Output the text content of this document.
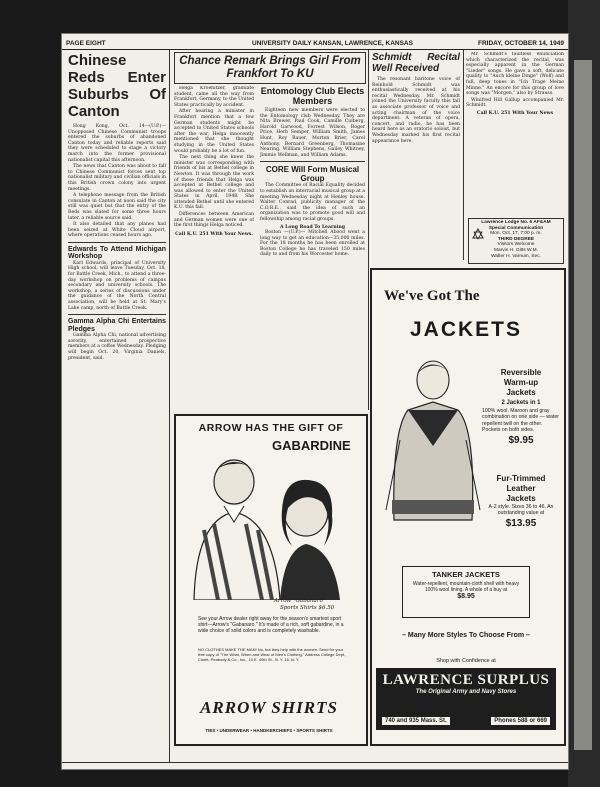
PAGE EIGHT	UNIVERSITY DAILY KANSAN, LAWRENCE, KANSAS	FRIDAY, OCTOBER 14, 1949
Chinese Reds Enter Suburbs Of Canton

Hong Kong, Oct. 14—(U.P.)—Unopposed Chinese Communist troops entered the suburbs of abandoned Canton today and reliable reports said they were scheduled to stage a victory march into the former provisional nationalist capital this afternoon.

The news that Canton was about to fall to Chinese Communist forces sent top nationalist military and civilian officials in this British crown colony into urgent meetings.

A telephone message from the British consulate in Canton at noon said the city still was quiet but that the entry of the Reds was slated for some three hours later, a reliable source said.

It also detailed that any planes had been seized at White Cloud airport, where operations ceased hours ago.

Edwards To Attend Michigan Workshop

Karl Edwards, principal of University High school, will leave Tuesday, Oct. 18, for Battle Creek, Mich., to attend a three-day workshop on problems of campus secondary and university schools. The workshop, a series of discussions under the guidance of the North Central association, will be held at St. Mary's Lake camp, north of Battle Creek.

Gamma Alpha Chi Entertains Pledges

Gamma Alpha Chi, national advertising sorority, entertained prospective members at a coffee Wednesday. Pledging will begin Oct. 20, Virginia Daniels, president, said.

Chance Remark Brings Girl From Frankfort To KU

Helga Kroenitzer, graduate student, came all the way from Frankfort, Germany, to the United States practically by accident.

After hearing a minister in Frankfort mention that a few German students might be accepted to United States schools after the war, Helga innocently mentioned that she thought studying in the United States would probably be a lot of fun.

The next thing she knew the minister was corresponding with friends of his at Bethel college in Newton. It was through the work of these friends that Helga was accepted at Bethel college and was allowed to enter the United States in April, 1948. She attended Bethel until she entered K.U. this fall.

Differences between American and German women were one of the first things Helga noticed.

Call K.U. 251 With Your News.
Entomology Club Elects Members

Eighteen new members were elected to the Entomology club Wednesday. They are Nita Brewer, Paul Cook, Camille Culberg, Harold Garwood, Forrest Wilson, Roger Price, Herb Semper, William Smith, James Hunt, Roy Bauer, Morton Brier, Carol Anthony, Bernard Greenberg, Thomasine Nearing, William Stephens, Gailey Whitney, Jimmie Wellman, and William Adams.

CORE Will Form Musical Group

The Committee of Racial Equality decided to establish an interracial musical group at a meeting Wednesday night at Henley house. Walter Conrad, publicity manager of the C.O.R.E., said the idea of such an organization was to promote good will and fellowship among racial groups.

A Long Road To Learning

Boston —(U.P.)— Mitchell Abood went a long way to get an education—35,000 miles. For the 18 months he has been enrolled at Boston College he has traveled 150 miles daily to and from his Worcester home.

Schmidt Recital Well Received

The resonant baritone voice of Reinhold Schmidt was enthusiastically received at his recital Wednesday. Mr. Schmidt joined the University faculty this fall as associate professor of voice and acting chairman of the voice department. A veteran of opera, concert, and radio, he has been heard here as an oratorio soloist, but Wednesday marked his first recital appearance here.

Mr. Schmidt's faultless enunciation which characterized the recital, was especially apparent in the German "Lieder" songs. He gave a soft, delicate quality to "Auch kleine Dinge" (Wolf) and full, deep tones in "Ich Trage Meine Minne." An encore for this group of love songs was "Morgen," also by Strauss.

Winifred Hill Gallup accompanied Mr. Schmidt.

Call K.U. 251 With Your News
Lawrence Lodge No. 6 AF&AM
Special Communication
Mon. Oct. 17, 7:00 p. m.
THIRD DEGREE
Visitors Welcome
Marvin H. Gitts W.M.
Walter H. Varnum, Sec.
ARROW HAS THE GIFT OF
GABARDINE
Arrow "Gabanaro"
Sports Shirts $6.50
See your Arrow dealer right away for the season's smartest sport shirt—Arrow's "Gabanaro." It's made of a rich, soft gabardine, in a wide choice of solid colors and is completely washable.
NO CLOTHES MAKE THE MAN! No, but they help with the women. Send for your free copy of "The What, When and Wear of Men's Clothing." Address College Dept., Cluett, Peabody & Co., Inc., 10 E. 40th St., N. Y. 16, N. Y.
ARROW SHIRTS
TIES • UNDERWEAR • HANDKERCHIEFS • SPORTS SHIRTS
We've Got The
JACKETS
Reversible
Warm-up
Jackets
2 Jackets in 1
100% wool. Maroon and gray combination on one side — water repellent twill on the other. Pockets on both sides.
$9.95
Fur-Trimmed
Leather
Jackets
A-2 style. Sizes 36 to 46. An outstanding value at
$13.95
TANKER JACKETS
Water-repellent, mountain-cloth shell with heavy 100% wool lining. A whole of a buy at
$8.95
– Many More Styles To Choose From –
Shop with Confidence at
LAWRENCE SURPLUS
The Original Army and Navy Stores
740 and 935 Mass. St.	Phones 588 or 669
